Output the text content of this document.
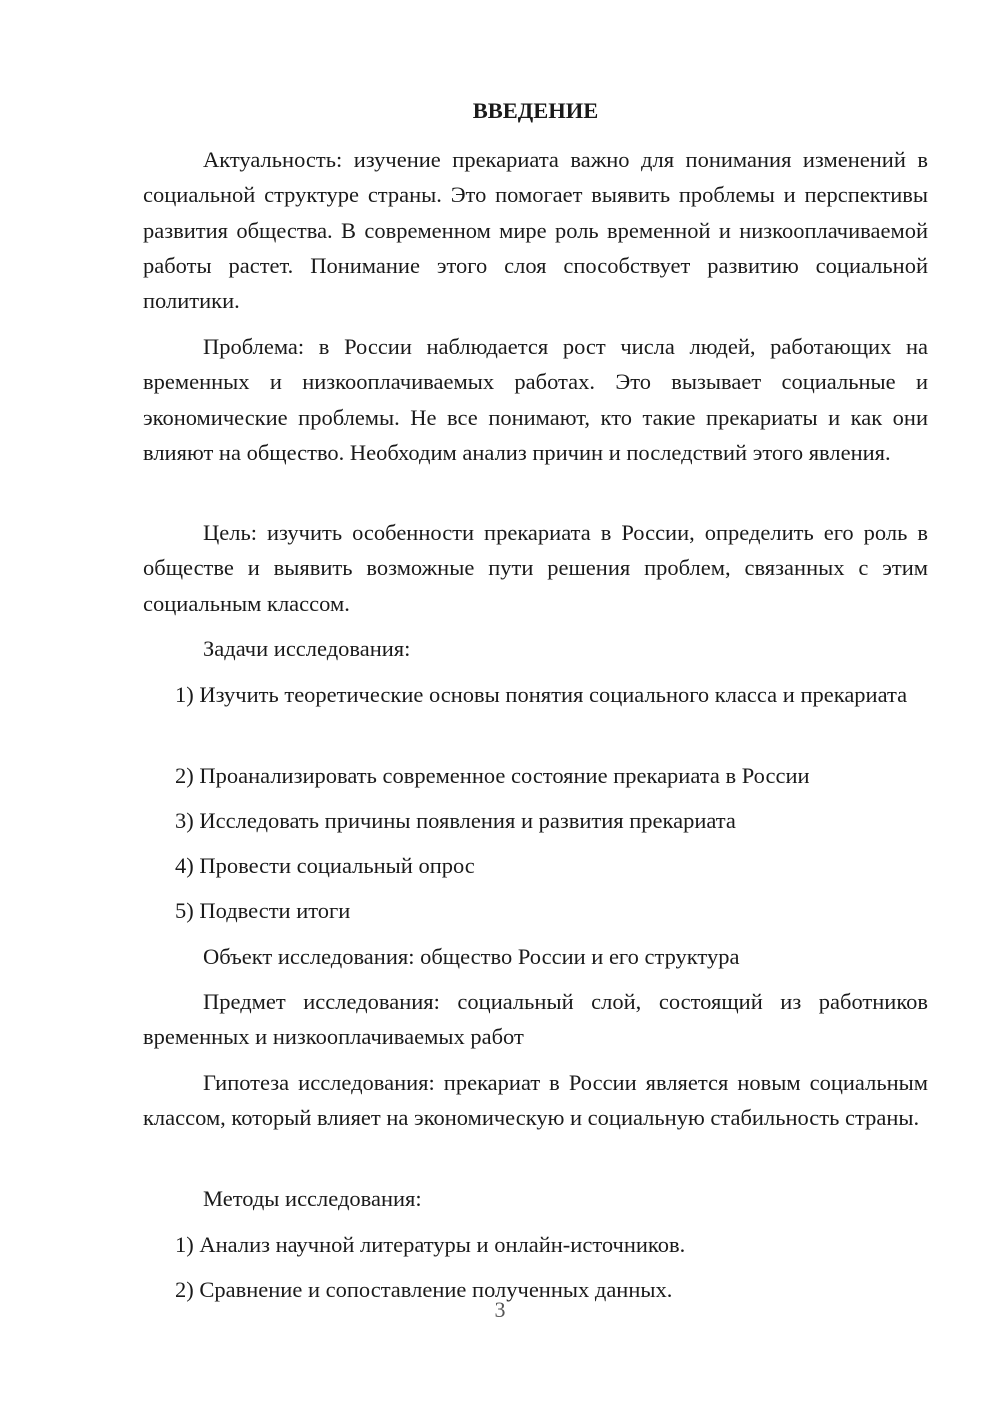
ВВЕДЕНИЕ

Актуальность: изучение прекариата важно для понимания изменений в социальной структуре страны. Это помогает выявить проблемы и перспективы развития общества. В современном мире роль временной и низкооплачиваемой работы растет. Понимание этого слоя способствует развитию социальной политики.

Проблема: в России наблюдается рост числа людей, работающих на временных и низкооплачиваемых работах. Это вызывает социальные и экономические проблемы. Не все понимают, кто такие прекариаты и как они влияют на общество. Необходим анализ причин и последствий этого явления.

Цель: изучить особенности прекариата в России, определить его роль в обществе и выявить возможные пути решения проблем, связанных с этим социальным классом.

Задачи исследования:

1) Изучить теоретические основы понятия социального класса и прекариата

2) Проанализировать современное состояние прекариата в России

3) Исследовать причины появления и развития прекариата

4) Провести социальный опрос

5) Подвести итоги

Объект исследования: общество России и его структура

Предмет исследования: социальный слой, состоящий из работников временных и низкооплачиваемых работ

Гипотеза исследования: прекариат в России является новым социальным классом, который влияет на экономическую и социальную стабильность страны.

Методы исследования:

1) Анализ научной литературы и онлайн-источников.

2) Сравнение и сопоставление полученных данных.

3
